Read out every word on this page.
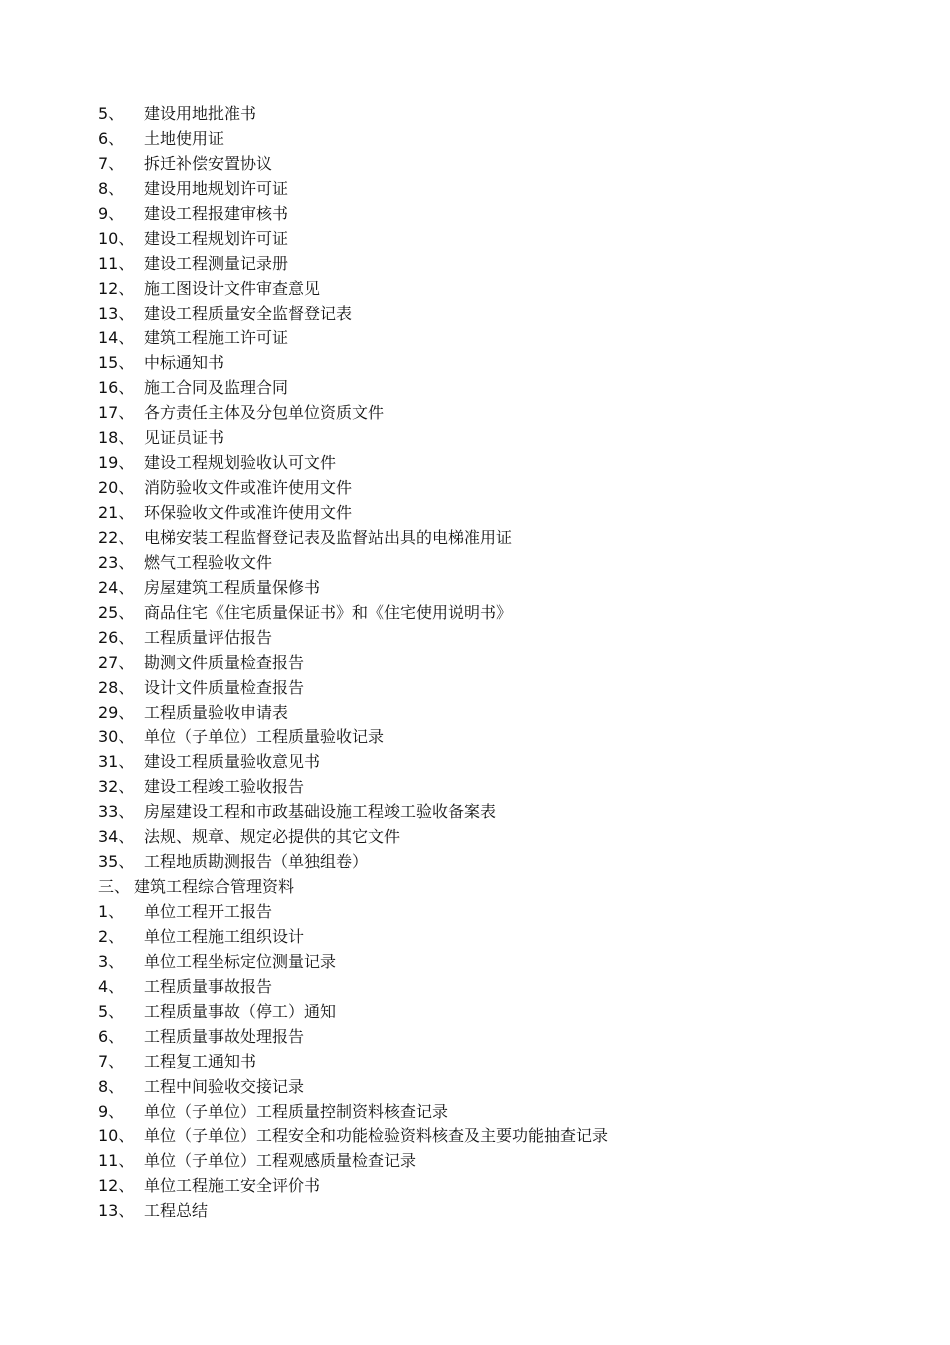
5、 建设用地批准书
6、 土地使用证
7、 拆迁补偿安置协议
8、 建设用地规划许可证
9、 建设工程报建审核书
10、 建设工程规划许可证
11、 建设工程测量记录册
12、 施工图设计文件审查意见
13、 建设工程质量安全监督登记表
14、 建筑工程施工许可证
15、 中标通知书
16、 施工合同及监理合同
17、 各方责任主体及分包单位资质文件
18、 见证员证书
19、 建设工程规划验收认可文件
20、 消防验收文件或准许使用文件
21、 环保验收文件或准许使用文件
22、 电梯安装工程监督登记表及监督站出具的电梯准用证
23、 燃气工程验收文件
24、 房屋建筑工程质量保修书
25、 商品住宅《住宅质量保证书》和《住宅使用说明书》
26、 工程质量评估报告
27、 勘测文件质量检查报告
28、 设计文件质量检查报告
29、 工程质量验收申请表
30、 单位（子单位）工程质量验收记录
31、 建设工程质量验收意见书
32、 建设工程竣工验收报告
33、 房屋建设工程和市政基础设施工程竣工验收备案表
34、 法规、规章、规定必提供的其它文件
35、 工程地质勘测报告（单独组卷）
三、 建筑工程综合管理资料
1、 单位工程开工报告
2、 单位工程施工组织设计
3、 单位工程坐标定位测量记录
4、 工程质量事故报告
5、 工程质量事故（停工）通知
6、 工程质量事故处理报告
7、 工程复工通知书
8、 工程中间验收交接记录
9、 单位（子单位）工程质量控制资料核查记录
10、 单位（子单位）工程安全和功能检验资料核查及主要功能抽查记录
11、 单位（子单位）工程观感质量检查记录
12、 单位工程施工安全评价书
13、 工程总结
